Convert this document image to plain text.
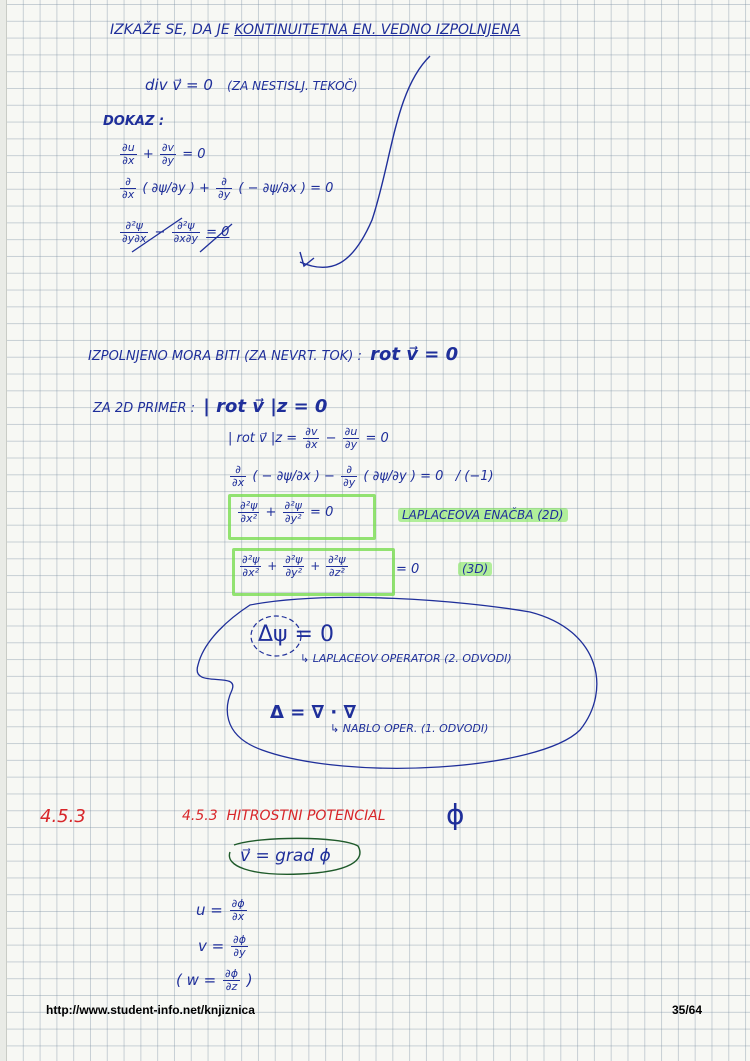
IZKAŽE SE, DA JE KONTINUITETNA EN. VEDNO IZPOLNJENA
div v⃗ = 0 (ZA NESTISLJ. TEKOČ)
DOKAZ :
$\frac{\partial u}{\partial x} + \frac{\partial v}{\partial y} = 0$
$\frac{\partial}{\partial x}$ ( ∂ψ/∂y ) + $\frac{\partial}{\partial y}$ ( − ∂ψ/∂x ) = 0
$\frac{\text{∂²ψ}}{\partial y\partial x} - \frac{\text{∂²ψ}}{\partial x\partial y} = 0$
IZPOLNJENO MORA BITI (ZA NEVRT. TOK) : rot v⃗ = 0
ZA 2D PRIMER : | rot v⃗ |z = 0
| rot v⃗ $|z = \frac{\partial v}{\partial x} - \frac{\partial u}{\partial y} = 0$
$\frac{\partial}{\partial x}$ ( − ∂ψ/∂x ) − $\frac{\partial}{\partial y}$ ( ∂ψ/∂y ) = 0 / (−1)
$\frac{\text{∂²ψ}}{\text{∂x²}} + \frac{\text{∂²ψ}}{\text{∂y²}} = 0$	LAPLACEOVA ENAČBA (2D)
$\frac{\text{∂²ψ}}{\text{∂x²}} + \frac{\text{∂²ψ}}{\text{∂y²}} + \frac{\text{∂²ψ}}{\text{∂z²}}$	= 0	(3D)
Δψ = 0
↳ LAPLACEOV OPERATOR (2. ODVODI)
Δ = ∇ · ∇
↳ NABLO OPER. (1. ODVODI)
4.5.3	4.5.3 HITROSTNI POTENCIAL ϕ
v⃗ = grad ϕ
$u = \frac{\partial\phi}{\partial x}$
$v = \frac{\partial\phi}{\partial y}$
( $w = \frac{\partial\phi}{\partial z}$ )
http://www.student-info.net/knjiznica	35/64
